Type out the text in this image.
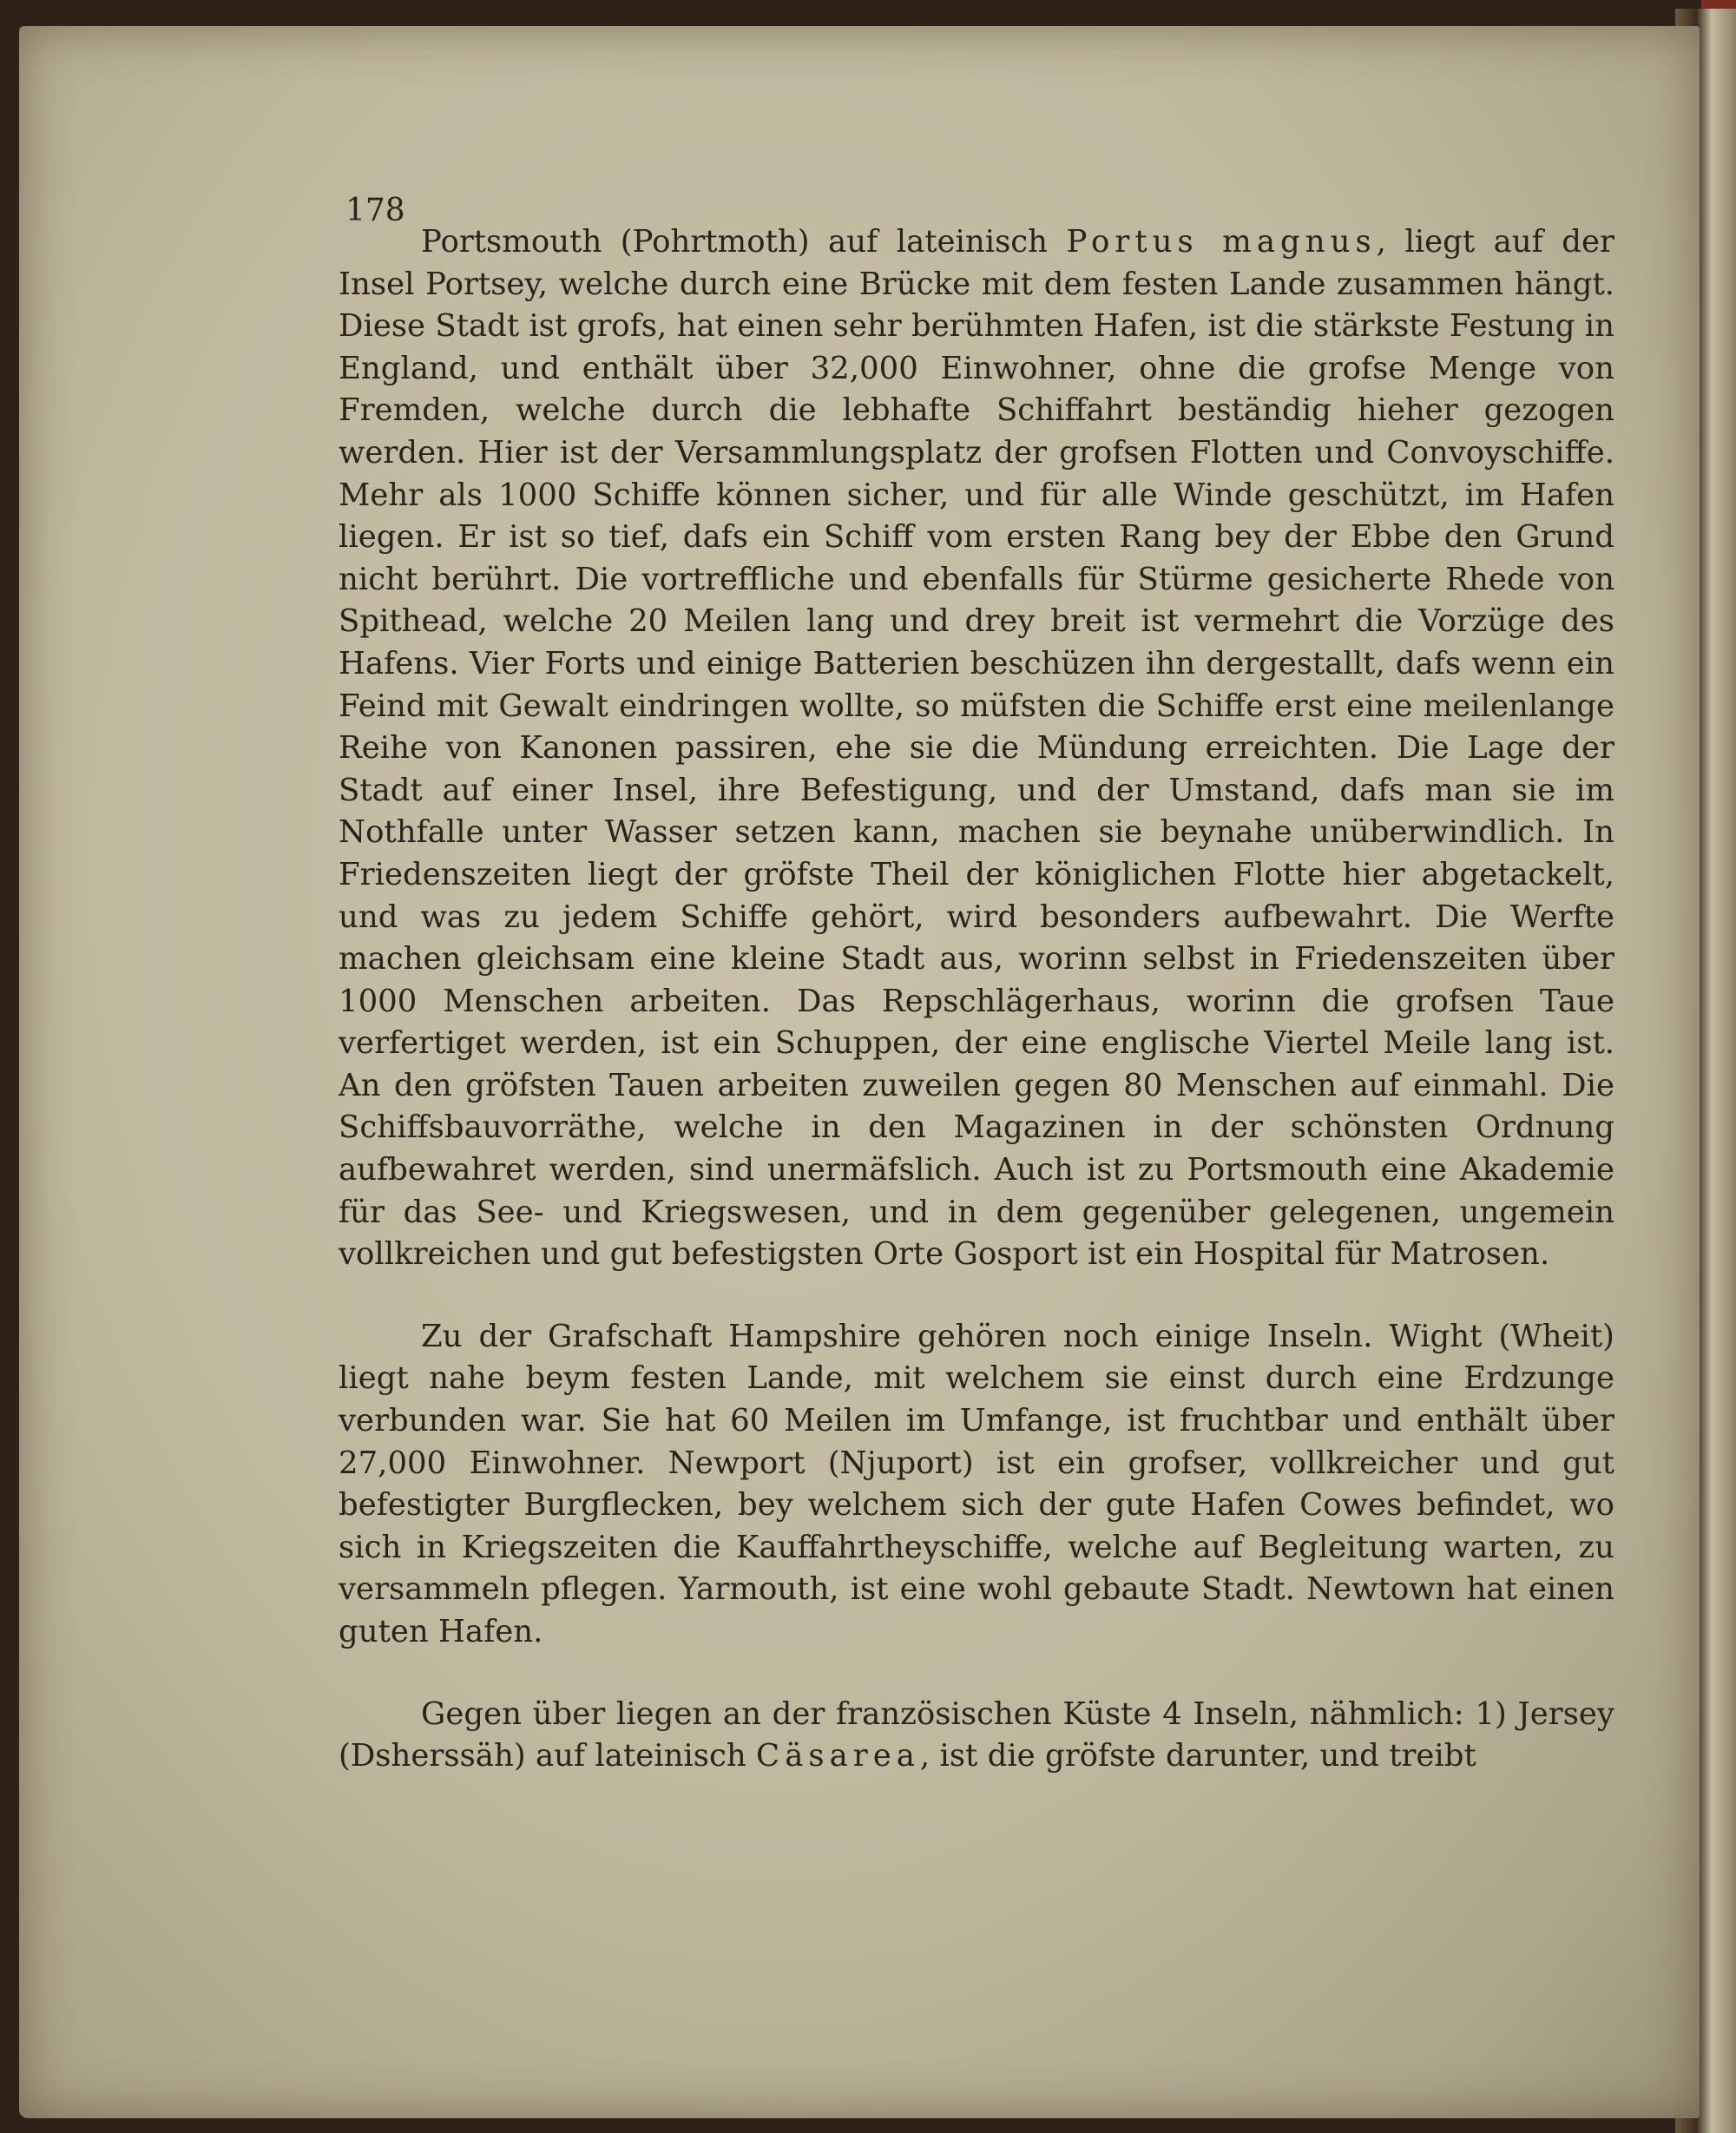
178

Portsmouth (Pohrtmoth) auf lateinisch Portus magnus, liegt auf der Insel Portsey, welche durch eine Brücke mit dem festen Lande zusammen hängt. Diese Stadt ist grofs, hat einen sehr berühmten Hafen, ist die stärkste Festung in England, und enthält über 32,000 Einwohner, ohne die grofse Menge von Fremden, welche durch die lebhafte Schiffahrt beständig hieher gezogen werden. Hier ist der Versammlungsplatz der grofsen Flotten und Convoyschiffe. Mehr als 1000 Schiffe können sicher, und für alle Winde geschützt, im Hafen liegen. Er ist so tief, dafs ein Schiff vom ersten Rang bey der Ebbe den Grund nicht berührt. Die vortreffliche und ebenfalls für Stürme gesicherte Rhede von Spithead, welche 20 Meilen lang und drey breit ist vermehrt die Vorzüge des Hafens. Vier Forts und einige Batterien beschüzen ihn dergestallt, dafs wenn ein Feind mit Gewalt eindringen wollte, so müfsten die Schiffe erst eine meilenlange Reihe von Kanonen passiren, ehe sie die Mündung erreichten. Die Lage der Stadt auf einer Insel, ihre Befestigung, und der Umstand, dafs man sie im Nothfalle unter Wasser setzen kann, machen sie beynahe unüberwindlich. In Friedenszeiten liegt der gröfste Theil der königlichen Flotte hier abgetackelt, und was zu jedem Schiffe gehört, wird besonders aufbewahrt. Die Werfte machen gleichsam eine kleine Stadt aus, worinn selbst in Friedenszeiten über 1000 Menschen arbeiten. Das Repschlägerhaus, worinn die grofsen Taue verfertiget werden, ist ein Schuppen, der eine englische Viertel Meile lang ist. An den gröfsten Tauen arbeiten zuweilen gegen 80 Menschen auf einmahl. Die Schiffsbauvorräthe, welche in den Magazinen in der schönsten Ordnung aufbewahret werden, sind unermäfslich. Auch ist zu Portsmouth eine Akademie für das See- und Kriegswesen, und in dem gegenüber gelegenen, ungemein vollkreichen und gut befestigsten Orte Gosport ist ein Hospital für Matrosen.

Zu der Grafschaft Hampshire gehören noch einige Inseln. Wight (Wheit) liegt nahe beym festen Lande, mit welchem sie einst durch eine Erdzunge verbunden war. Sie hat 60 Meilen im Umfange, ist fruchtbar und enthält über 27,000 Einwohner. Newport (Njuport) ist ein grofser, vollkreicher und gut befestigter Burgflecken, bey welchem sich der gute Hafen Cowes befindet, wo sich in Kriegszeiten die Kauffahrtheyschiffe, welche auf Begleitung warten, zu versammeln pflegen. Yarmouth, ist eine wohl gebaute Stadt. Newtown hat einen guten Hafen.

Gegen über liegen an der französischen Küste 4 Inseln, nähmlich: 1) Jersey (Dsherssäh) auf lateinisch Cäsarea, ist die gröfste darunter, und treibt
